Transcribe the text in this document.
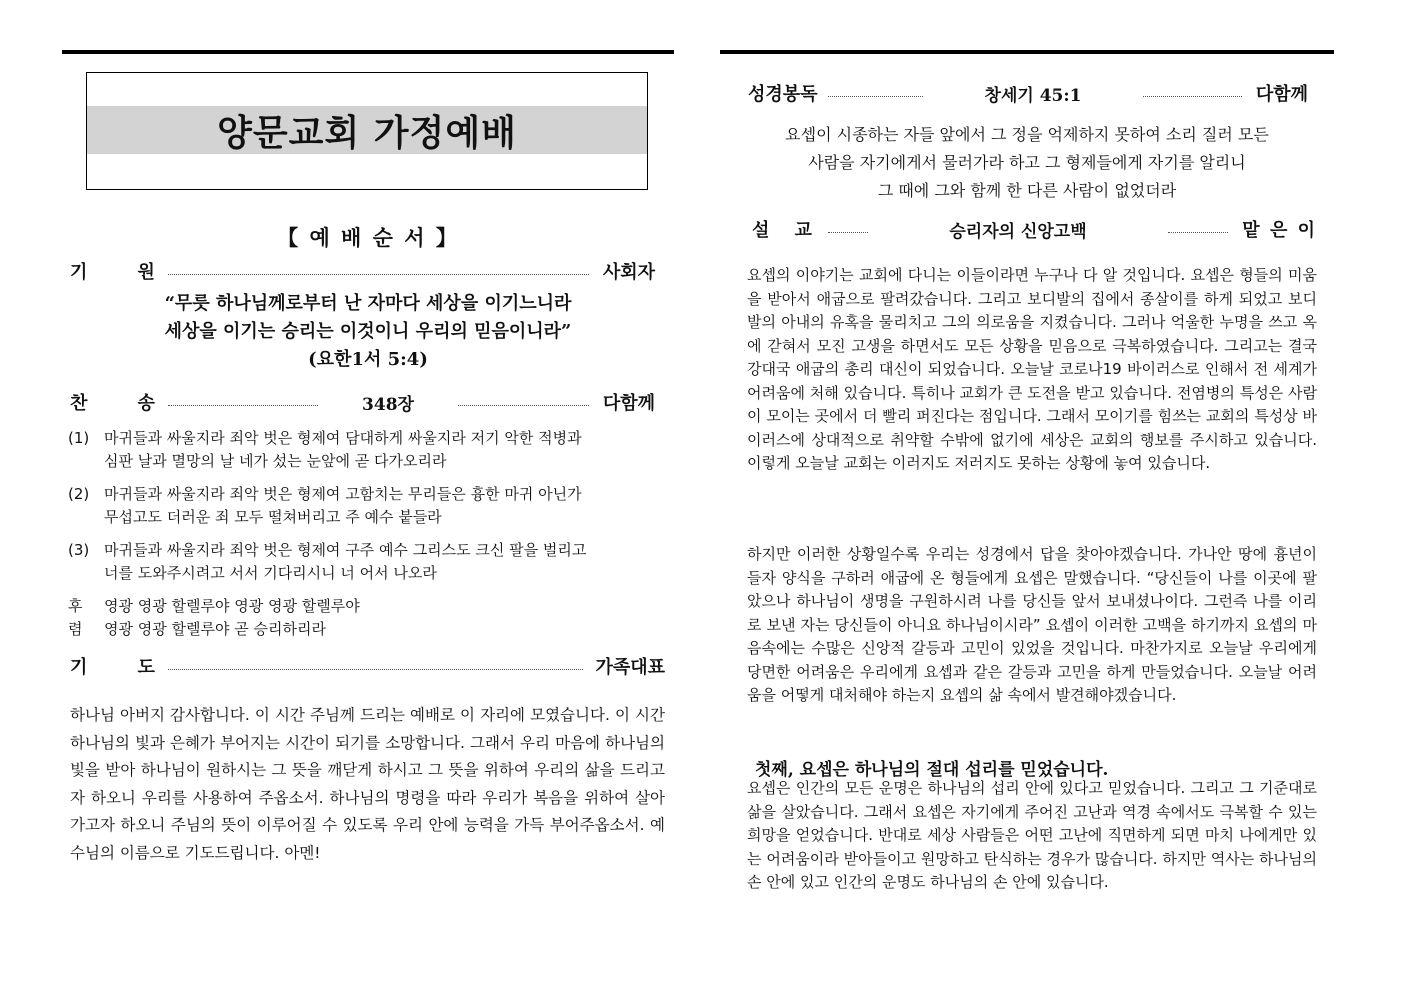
양문교회 가정예배
【 예 배 순 서 】
기        원	사회자
“무릇 하나님께로부터 난 자마다 세상을 이기느니라
세상을 이기는 승리는 이것이니 우리의 믿음이니라”
(요한1서 5:4)
찬        송	348장	다함께
(1) 마귀들과 싸울지라 죄악 벗은 형제여 담대하게 싸울지라 저기 악한 적병과
심판 날과 멸망의 날 네가 섰는 눈앞에 곧 다가오리라
(2) 마귀들과 싸울지라 죄악 벗은 형제여 고함치는 무리들은 흉한 마귀 아닌가
무섭고도 더러운 죄 모두 떨쳐버리고 주 예수 붙들라
(3) 마귀들과 싸울지라 죄악 벗은 형제여 구주 예수 그리스도 크신 팔을 벌리고
너를 도와주시려고 서서 기다리시니 너 어서 나오라
후	영광 영광 할렐루야 영광 영광 할렐루야
렴	영광 영광 할렐루야 곧 승리하리라
기        도	가족대표
하나님 아버지 감사합니다. 이 시간 주님께 드리는 예배로 이 자리에 모였습니다. 이 시간 하나님의 빛과 은혜가 부어지는 시간이 되기를 소망합니다. 그래서 우리 마음에 하나님의 빛을 받아 하나님이 원하시는 그 뜻을 깨닫게 하시고 그 뜻을 위하여 우리의 삶을 드리고자 하오니 우리를 사용하여 주옵소서. 하나님의 명령을 따라 우리가 복음을 위하여 살아가고자 하오니 주님의 뜻이 이루어질 수 있도록 우리 안에 능력을 가득 부어주옵소서. 예수님의 이름으로 기도드립니다. 아멘!
성경봉독	창세기 45:1	다함께
요셉이 시종하는 자들 앞에서 그 정을 억제하지 못하여 소리 질러 모든
사람을 자기에게서 물러가라 하고 그 형제들에게 자기를 알리니
그 때에 그와 함께 한 다른 사람이 없었더라
설    교	승리자의 신앙고백	맡 은 이
요셉의 이야기는 교회에 다니는 이들이라면 누구나 다 알 것입니다. 요셉은 형들의 미움을 받아서 애굽으로 팔려갔습니다. 그리고 보디발의 집에서 종살이를 하게 되었고 보디발의 아내의 유혹을 물리치고 그의 의로움을 지켰습니다. 그러나 억울한 누명을 쓰고 옥에 갇혀서 모진 고생을 하면서도 모든 상황을 믿음으로 극복하였습니다. 그리고는 결국 강대국 애굽의 총리 대신이 되었습니다. 오늘날 코로나19 바이러스로 인해서 전 세계가 어려움에 처해 있습니다. 특히나 교회가 큰 도전을 받고 있습니다. 전염병의 특성은 사람이 모이는 곳에서 더 빨리 퍼진다는 점입니다. 그래서 모이기를 힘쓰는 교회의 특성상 바이러스에 상대적으로 취약할 수밖에 없기에 세상은 교회의 행보를 주시하고 있습니다. 이렇게 오늘날 교회는 이러지도 저러지도 못하는 상황에 놓여 있습니다.
하지만 이러한 상황일수록 우리는 성경에서 답을 찾아야겠습니다. 가나안 땅에 흉년이 들자 양식을 구하러 애굽에 온 형들에게 요셉은 말했습니다. “당신들이 나를 이곳에 팔았으나 하나님이 생명을 구원하시려 나를 당신들 앞서 보내셨나이다. 그런즉 나를 이리로 보낸 자는 당신들이 아니요 하나님이시라” 요셉이 이러한 고백을 하기까지 요셉의 마음속에는 수많은 신앙적 갈등과 고민이 있었을 것입니다. 마찬가지로 오늘날 우리에게 당면한 어려움은 우리에게 요셉과 같은 갈등과 고민을 하게 만들었습니다. 오늘날 어려움을 어떻게 대처해야 하는지 요셉의 삶 속에서 발견해야겠습니다.
첫째, 요셉은 하나님의 절대 섭리를 믿었습니다.
요셉은 인간의 모든 운명은 하나님의 섭리 안에 있다고 믿었습니다. 그리고 그 기준대로 삶을 살았습니다. 그래서 요셉은 자기에게 주어진 고난과 역경 속에서도 극복할 수 있는 희망을 얻었습니다. 반대로 세상 사람들은 어떤 고난에 직면하게 되면 마치 나에게만 있는 어려움이라 받아들이고 원망하고 탄식하는 경우가 많습니다. 하지만 역사는 하나님의 손 안에 있고 인간의 운명도 하나님의 손 안에 있습니다.
